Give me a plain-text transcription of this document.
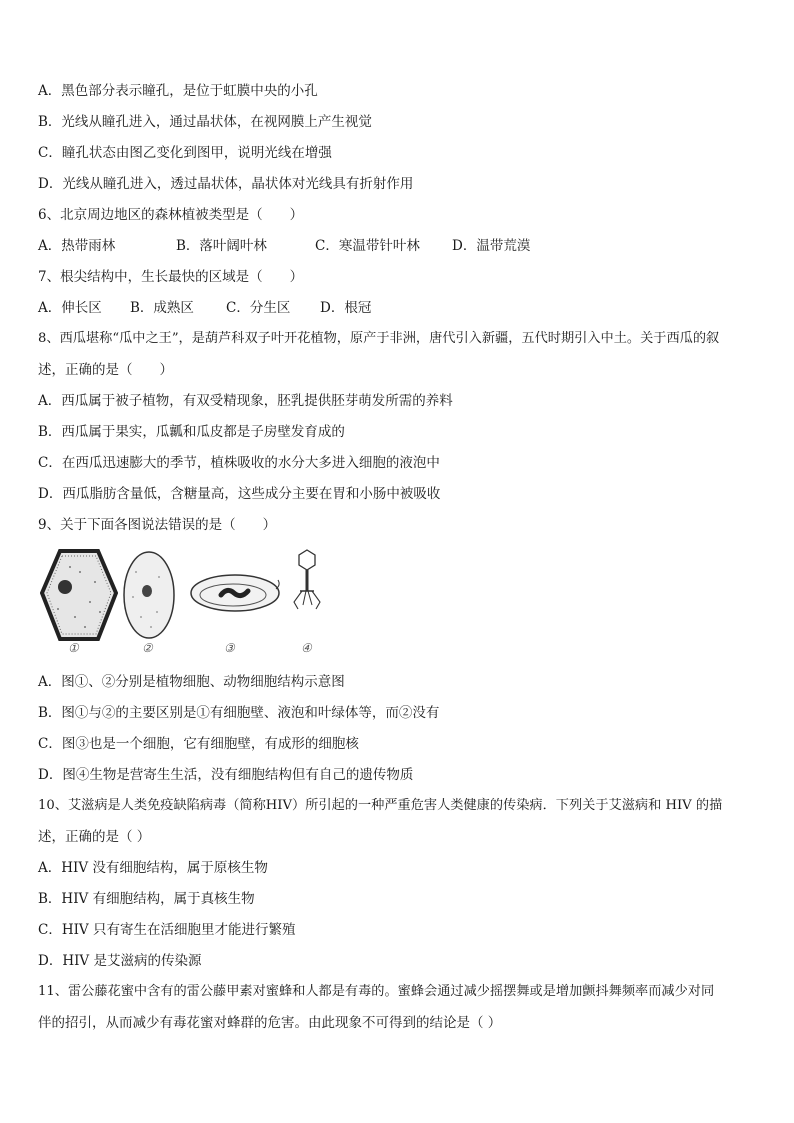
A．黑色部分表示瞳孔，是位于虹膜中央的小孔
B．光线从瞳孔进入，通过晶状体，在视网膜上产生视觉
C．瞳孔状态由图乙变化到图甲，说明光线在增强
D．光线从瞳孔进入，透过晶状体，晶状体对光线具有折射作用
6、北京周边地区的森林植被类型是（　　）
A．热带雨林	B．落叶阔叶林	C．寒温带针叶林	D．温带荒漠
7、根尖结构中，生长最快的区域是（　　）
A．伸长区	B．成熟区	C．分生区	D．根冠
8、西瓜堪称“瓜中之王”，是葫芦科双子叶开花植物，原产于非洲，唐代引入新疆，五代时期引入中土。关于西瓜的叙
述，正确的是（　　）
A．西瓜属于被子植物，有双受精现象，胚乳提供胚芽萌发所需的养料
B．西瓜属于果实，瓜瓤和瓜皮都是子房壁发育成的
C．在西瓜迅速膨大的季节，植株吸收的水分大多进入细胞的液泡中
D．西瓜脂肪含量低，含糖量高，这些成分主要在胃和小肠中被吸收
9、关于下面各图说法错误的是（　　）
①	②	③	④
A．图①、②分别是植物细胞、动物细胞结构示意图
B．图①与②的主要区别是①有细胞壁、液泡和叶绿体等，而②没有
C．图③也是一个细胞，它有细胞壁，有成形的细胞核
D．图④生物是营寄生生活，没有细胞结构但有自己的遗传物质
10、艾滋病是人类免疫缺陷病毒（简称HIV）所引起的一种严重危害人类健康的传染病．下列关于艾滋病和 HIV 的描
述，正确的是（ ）
A．HIV 没有细胞结构，属于原核生物
B．HIV 有细胞结构，属于真核生物
C．HIV 只有寄生在活细胞里才能进行繁殖
D．HIV 是艾滋病的传染源
11、雷公藤花蜜中含有的雷公藤甲素对蜜蜂和人都是有毒的。蜜蜂会通过减少摇摆舞或是增加颤抖舞频率而减少对同
伴的招引，从而减少有毒花蜜对蜂群的危害。由此现象不可得到的结论是（ ）
